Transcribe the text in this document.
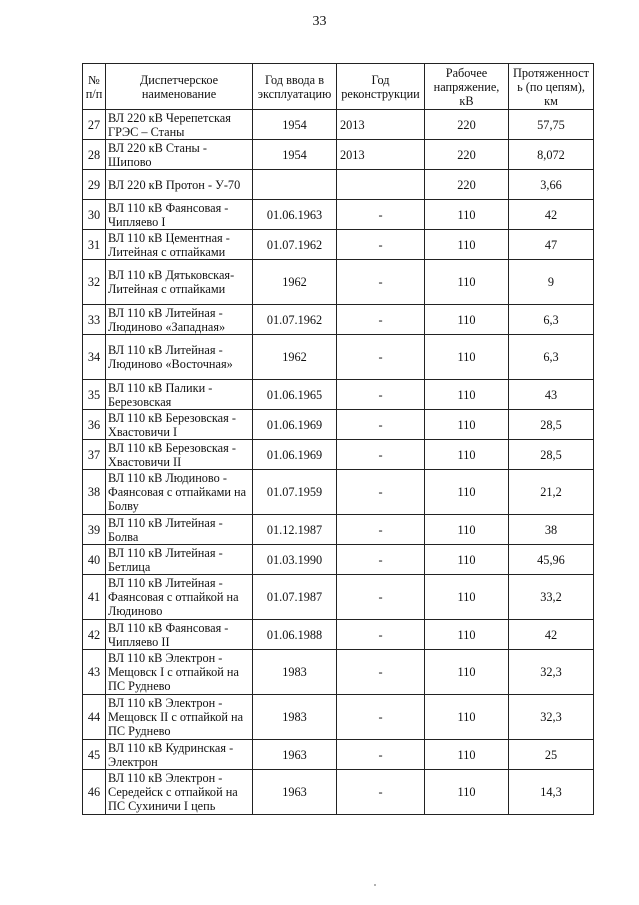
33
№ п/п	Диспетчерское наименование	Год ввода в эксплуатацию	Год реконструкции	Рабочее напряжение, кВ	Протяженност ь (по цепям), км
27	ВЛ 220 кВ Черепетская ГРЭС – Станы	1954	2013	220	57,75
28	ВЛ 220 кВ Станы - Шипово	1954	2013	220	8,072
29	ВЛ 220 кВ Протон - У-70			220	3,66
30	ВЛ 110 кВ Фаянсовая - Чипляево I	01.06.1963	-	110	42
31	ВЛ 110 кВ Цементная - Литейная с отпайками	01.07.1962	-	110	47
32	ВЛ 110 кВ Дятьковская- Литейная с отпайками	1962	-	110	9
33	ВЛ 110 кВ Литейная - Людиново «Западная»	01.07.1962	-	110	6,3
34	ВЛ 110 кВ Литейная - Людиново «Восточная»	1962	-	110	6,3
35	ВЛ 110 кВ Палики - Березовская	01.06.1965	-	110	43
36	ВЛ 110 кВ Березовская - Хвастовичи I	01.06.1969	-	110	28,5
37	ВЛ 110 кВ Березовская - Хвастовичи II	01.06.1969	-	110	28,5
38	ВЛ 110 кВ Людиново - Фаянсовая с отпайками на Болву	01.07.1959	-	110	21,2
39	ВЛ 110 кВ Литейная - Болва	01.12.1987	-	110	38
40	ВЛ 110 кВ Литейная - Бетлица	01.03.1990	-	110	45,96
41	ВЛ 110 кВ Литейная - Фаянсовая с отпайкой на Людиново	01.07.1987	-	110	33,2
42	ВЛ 110 кВ Фаянсовая - Чипляево II	01.06.1988	-	110	42
43	ВЛ 110 кВ Электрон - Мещовск I с отпайкой на ПС Руднево	1983	-	110	32,3
44	ВЛ 110 кВ Электрон - Мещовск II с отпайкой на ПС Руднево	1983	-	110	32,3
45	ВЛ 110 кВ Кудринская - Электрон	1963	-	110	25
46	ВЛ 110 кВ Электрон - Середейск с отпайкой на ПС Сухиничи I цепь	1963	-	110	14,3
